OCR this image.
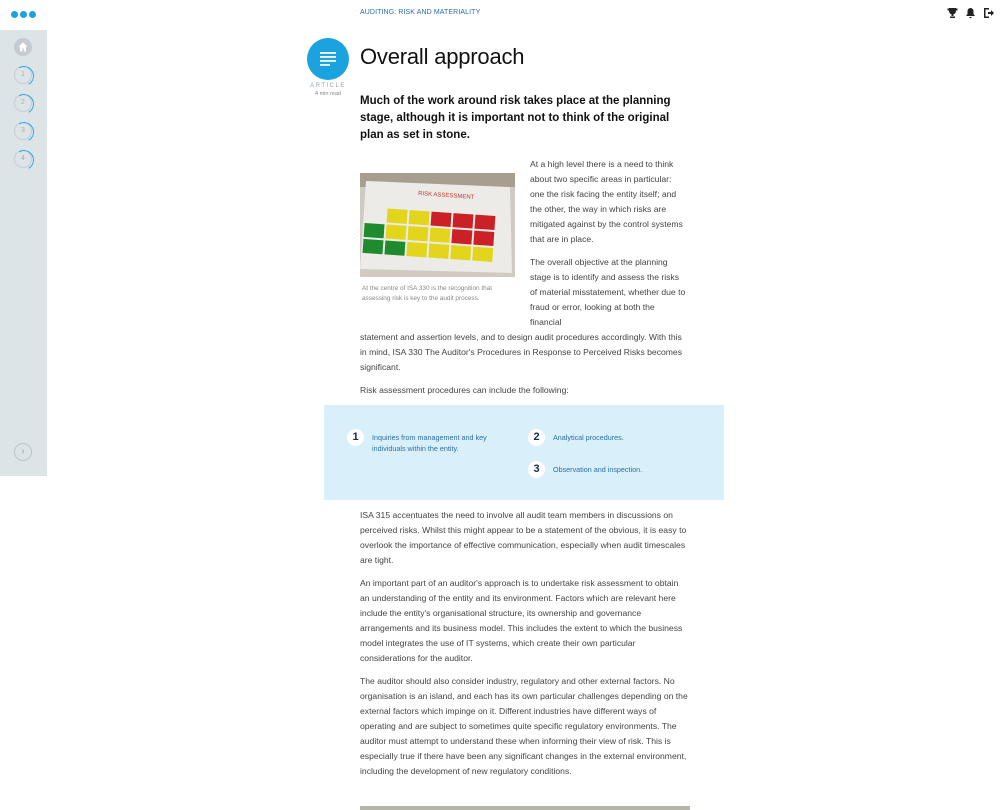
1
2
3
4
›
AUDITING: RISK AND MATERIALITY
ARTICLE
4 min read
Overall approach
Much of the work around risk takes place at the planning stage, although it is important not to think of the original plan as set in stone.
RISK ASSESSMENT
At the centre of ISA 330 is the recognition that assessing risk is key to the audit process.

At a high level there is a need to think about two specific areas in particular: one the risk facing the entity itself; and the other, the way in which risks are mitigated against by the control systems that are in place.

The overall objective at the planning stage is to identify and assess the risks of material misstatement, whether due to fraud or error, looking at both the financial

statement and assertion levels, and to design audit procedures accordingly. With this in mind, ISA 330 The Auditor's Procedures in Response to Perceived Risks becomes significant.
Risk assessment procedures can include the following:
1	Inquiries from management and key individuals within the entity.
2	Analytical procedures.
3	Observation and inspection.
ISA 315 accentuates the need to involve all audit team members in discussions on perceived risks. Whilst this might appear to be a statement of the obvious, it is easy to overlook the importance of effective communication, especially when audit timescales are tight.
An important part of an auditor's approach is to undertake risk assessment to obtain an understanding of the entity and its environment. Factors which are relevant here include the entity's organisational structure, its ownership and governance arrangements and its business model. This includes the extent to which the business model integrates the use of IT systems, which create their own particular considerations for the auditor.
The auditor should also consider industry, regulatory and other external factors. No organisation is an island, and each has its own particular challenges depending on the external factors which impinge on it. Different industries have different ways of operating and are subject to sometimes quite specific regulatory environments. The auditor must attempt to understand these when informing their view of risk. This is especially true if there have been any significant changes in the external environment, including the development of new regulatory conditions.
